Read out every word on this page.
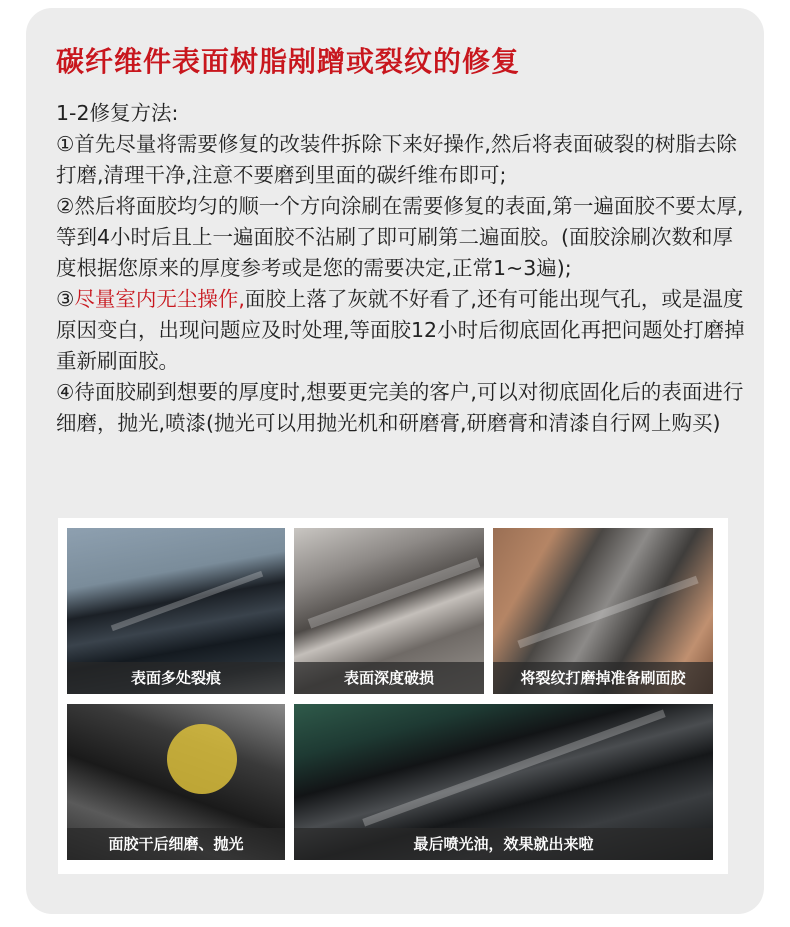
碳纤维件表面树脂剐蹭或裂纹的修复

1-2修复方法:

①首先尽量将需要修复的改装件拆除下来好操作,然后将表面破裂的树脂去除打磨,清理干净,注意不要磨到里面的碳纤维布即可;

②然后将面胶均匀的顺一个方向涂刷在需要修复的表面,第一遍面胶不要太厚,等到4小时后且上一遍面胶不沾刷了即可刷第二遍面胶。(面胶涂刷次数和厚度根据您原来的厚度参考或是您的需要决定,正常1~3遍);

③尽量室内无尘操作,面胶上落了灰就不好看了,还有可能出现气孔，或是温度原因变白，出现问题应及时处理,等面胶12小时后彻底固化再把问题处打磨掉重新刷面胶。

④待面胶刷到想要的厚度时,想要更完美的客户,可以对彻底固化后的表面进行细磨，抛光,喷漆(抛光可以用抛光机和研磨膏,研磨膏和清漆自行网上购买)

表面多处裂痕	表面深度破损	将裂纹打磨掉准备刷面胶
面胶干后细磨、抛光	最后喷光油，效果就出来啦
